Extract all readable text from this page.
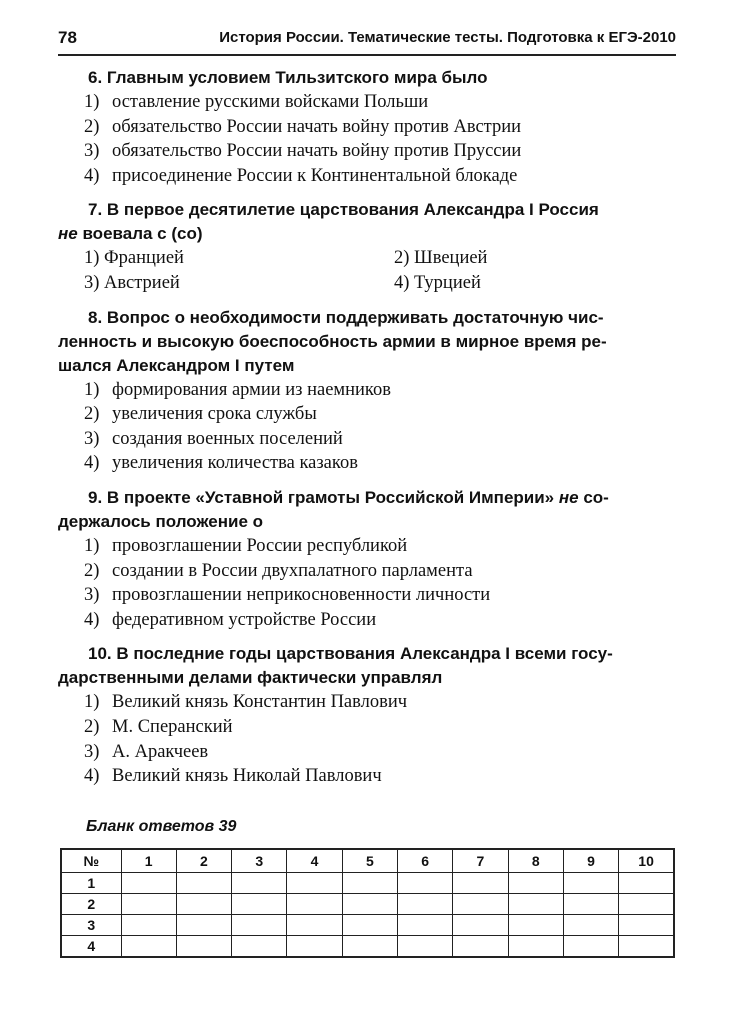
78	История России. Тематические тесты. Подготовка к ЕГЭ-2010

6. Главным условием Тильзитского мира было

1) оставление русскими войсками Польши
2) обязательство России начать войну против Австрии
3) обязательство России начать войну против Пруссии
4) присоединение России к Континентальной блокаде

7. В первое десятилетие царствования Александра I Россия

не воевала с (со)

1) Францией	2) Швецией
3) Австрией	4) Турцией

8. Вопрос о необходимости поддерживать достаточную чис-

ленность и высокую боеспособность армии в мирное время ре-

шался Александром I путем

1) формирования армии из наемников
2) увеличения срока службы
3) создания военных поселений
4) увеличения количества казаков

9. В проекте «Уставной грамоты Российской Империи» не со-

держалось положение о

1) провозглашении России республикой
2) создании в России двухпалатного парламента
3) провозглашении неприкосновенности личности
4) федеративном устройстве России

10. В последние годы царствования Александра I всеми госу-

дарственными делами фактически управлял

1) Великий князь Константин Павлович
2) М. Сперанский
3) А. Аракчеев
4) Великий князь Николай Павлович
Бланк ответов 39
№	1	2	3	4	5	6	7	8	9	10
1										
2										
3										
4										
